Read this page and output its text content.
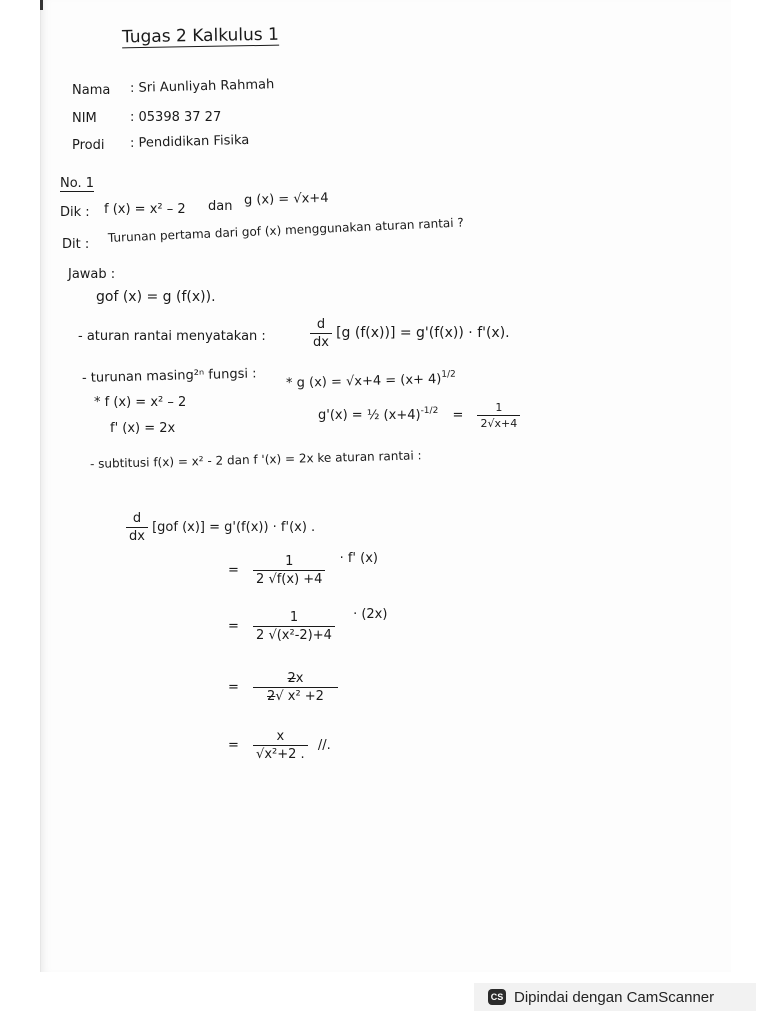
Tugas 2 Kalkulus 1
Nama : Sri Aunliyah Rahmah
NIM	: 05398 37 27
Prodi : Pendidikan Fisika
No. 1
Dik : f (x) = x² – 2 dan g (x) = √x+4
Dit : Turunan pertama dari gof (x) menggunakan aturan rantai ?
Jawab :
gof (x) = g (f(x)).
- aturan rantai menyatakan :	$\frac{d}{dx} [g$ (f(x))] = g'(f(x)) · f'(x).
- turunan masing²ⁿ fungsi :
* f (x) = x² – 2
f' (x) = 2x
* g $(x) = √x+4 = (x+ 4)^{1/2}$
g'(x) = ½ $(x+4)^{-1/2} = \frac{1}{2√x+4}$
- subtitusi f(x) = x² - 2 dan f '(x) = 2x ke aturan rantai :
$\frac{d}{dx} [gof$ (x)] = g'(f(x)) · f'(x) .
= $\frac{1}{2 √f(x) +4} \cdot f'$ (x)
= $\frac{1}{\text{2 √(x²-2)+4}} \cdot (2x)$
= $\frac{2x}{\text{2√ x² +2}}$
= $\frac{x}{\text{√x²+2 .}}$ //.
CS Dipindai dengan CamScanner
